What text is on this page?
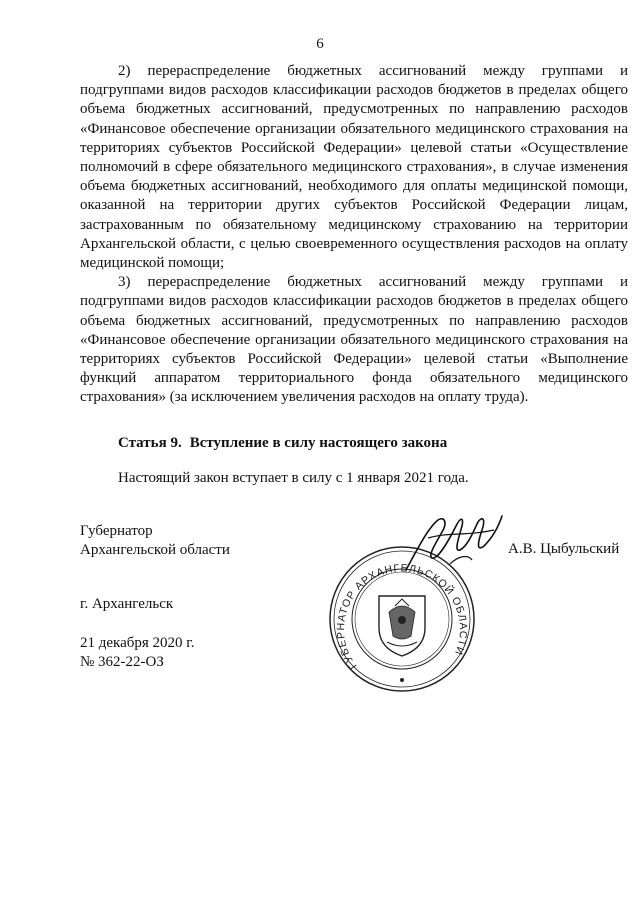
6

2) перераспределение бюджетных ассигнований между группами и подгруппами видов расходов классификации расходов бюджетов в пределах общего объема бюджетных ассигнований, предусмотренных по направлению расходов «Финансовое обеспечение организации обязательного медицинского страхования на территориях субъектов Российской Федерации» целевой статьи «Осуществление полномочий в сфере обязательного медицинского страхования», в случае изменения объема бюджетных ассигнований, необходимого для оплаты медицинской помощи, оказанной на территории других субъектов Российской Федерации лицам, застрахованным по обязательному медицинскому страхованию на территории Архангельской области, с целью своевременного осуществления расходов на оплату медицинской помощи;

3) перераспределение бюджетных ассигнований между группами и подгруппами видов расходов классификации расходов бюджетов в пределах общего объема бюджетных ассигнований, предусмотренных по направлению расходов «Финансовое обеспечение организации обязательного медицинского страхования на территориях субъектов Российской Федерации» целевой статьи «Выполнение функций аппаратом территориального фонда обязательного медицинского страхования» (за исключением увеличения расходов на оплату труда).

Статья 9. Вступление в силу настоящего закона
Настоящий закон вступает в силу с 1 января 2021 года.
Губернатор
Архангельской области	А.В. Цыбульский
ГУБЕРНАТОР АРХАНГЕЛЬСКОЙ ОБЛАСТИ
г. Архангельск
21 декабря 2020 г.
№ 362-22-ОЗ
